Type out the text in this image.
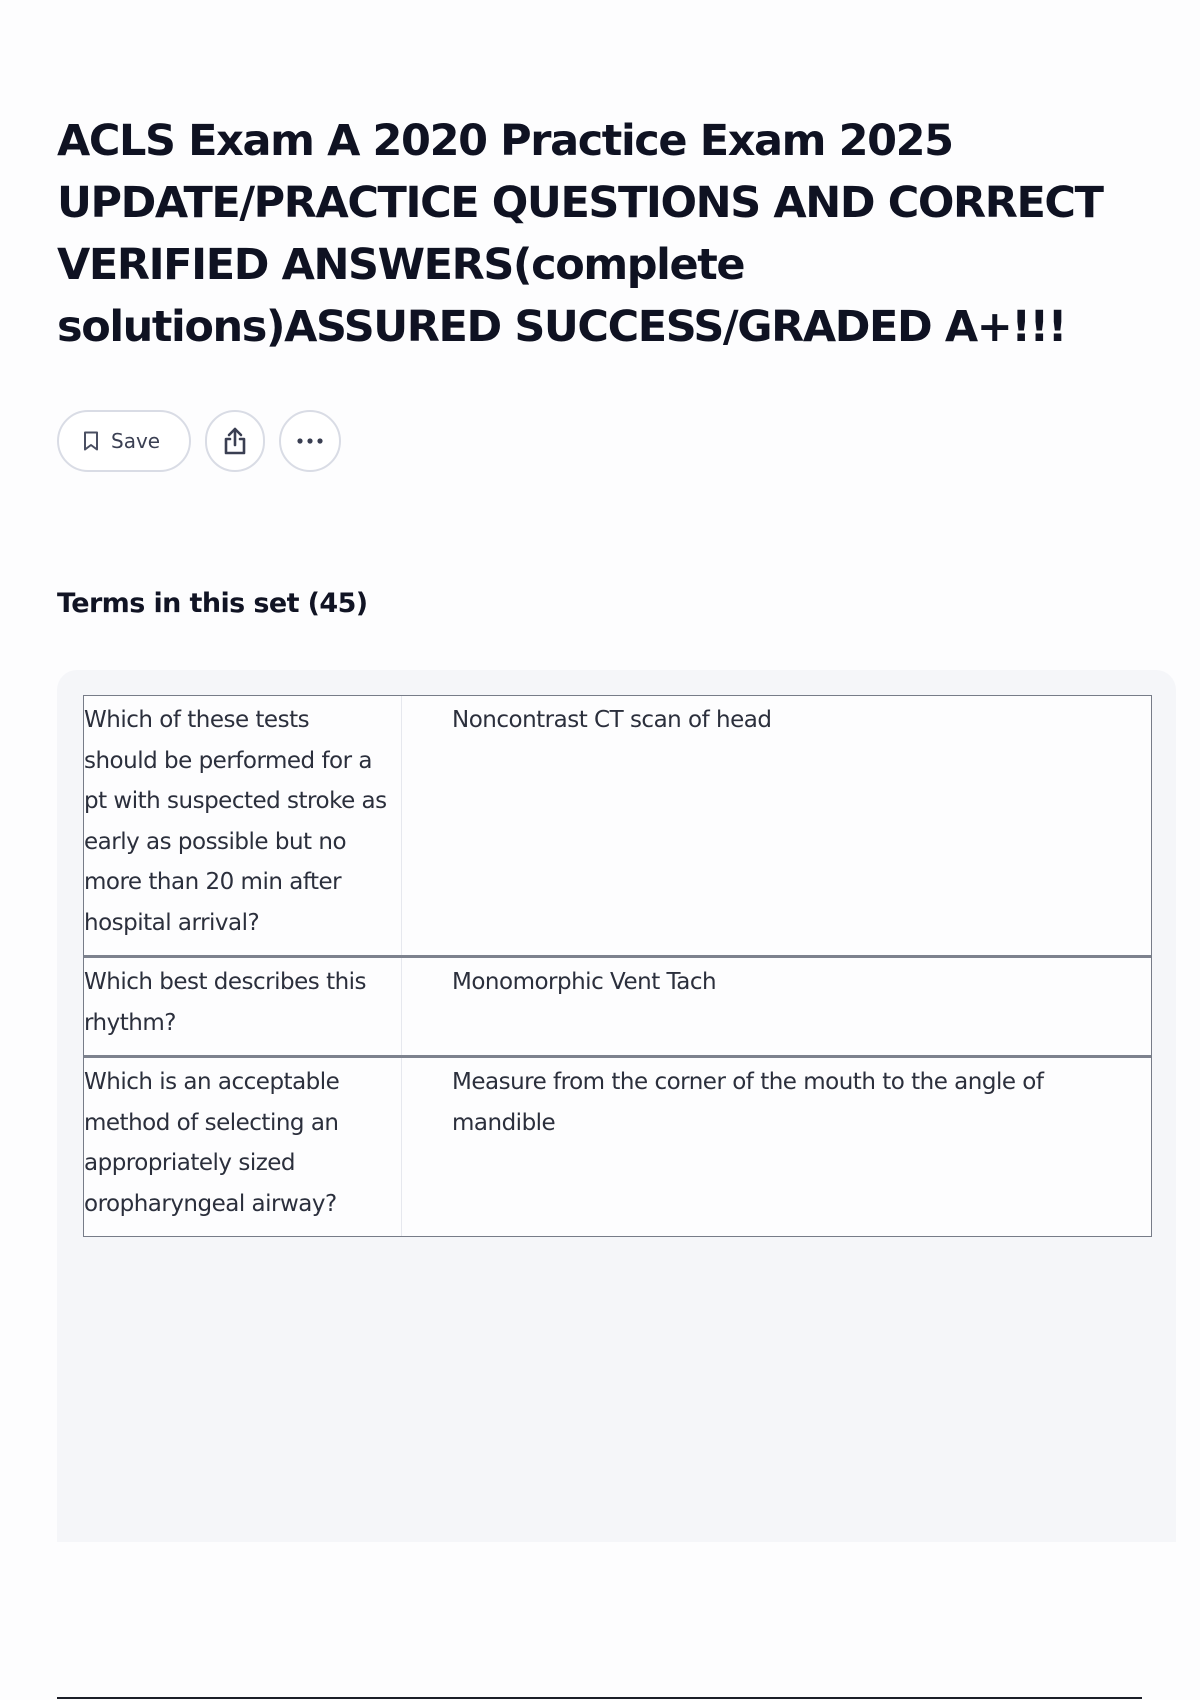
ACLS Exam A 2020 Practice Exam 2025 UPDATE/PRACTICE QUESTIONS AND CORRECT VERIFIED ANSWERS(complete solutions)ASSURED SUCCESS/GRADED A+!!!
Save
Terms in this set (45)
Which of these tests should be performed for a pt with suspected stroke as early as possible but no more than 20 min after hospital arrival?
Noncontrast CT scan of head
Which best describes this rhythm?
Monomorphic Vent Tach
Which is an acceptable method of selecting an appropriately sized oropharyngeal airway?
Measure from the corner of the mouth to the angle of mandible
